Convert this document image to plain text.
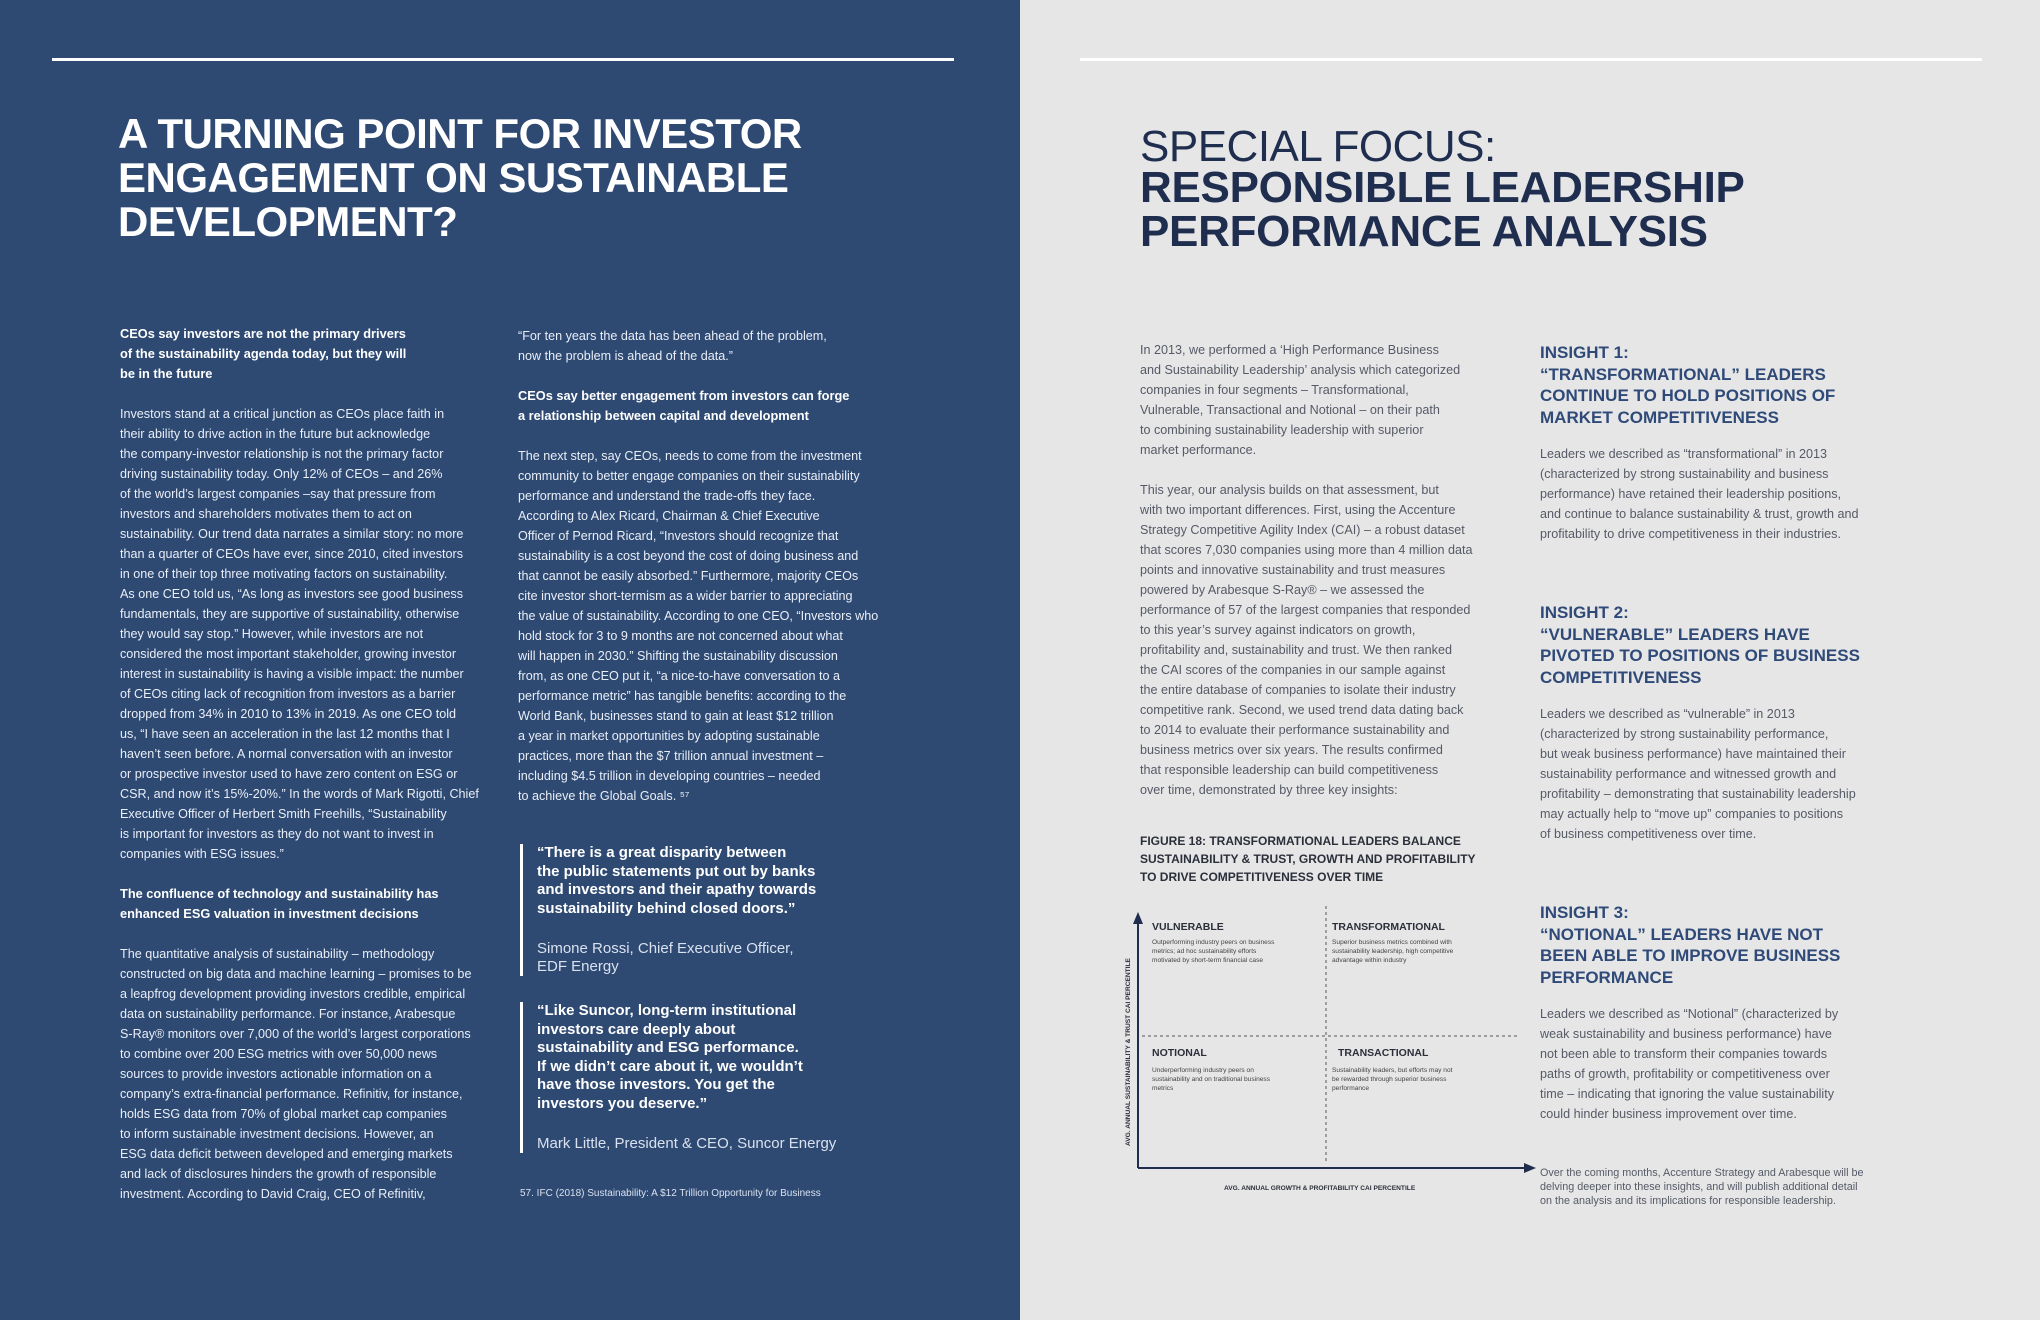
A TURNING POINT FOR INVESTOR ENGAGEMENT ON SUSTAINABLE DEVELOPMENT?
CEOs say investors are not the primary drivers
of the sustainability agenda today, but they will
be in the future

Investors stand at a critical junction as CEOs place faith in
their ability to drive action in the future but acknowledge
the company-investor relationship is not the primary factor
driving sustainability today. Only 12% of CEOs – and 26%
of the world’s largest companies –say that pressure from
investors and shareholders motivates them to act on
sustainability. Our trend data narrates a similar story: no more
than a quarter of CEOs have ever, since 2010, cited investors
in one of their top three motivating factors on sustainability.
As one CEO told us, “As long as investors see good business
fundamentals, they are supportive of sustainability, otherwise
they would say stop.” However, while investors are not
considered the most important stakeholder, growing investor
interest in sustainability is having a visible impact: the number
of CEOs citing lack of recognition from investors as a barrier
dropped from 34% in 2010 to 13% in 2019. As one CEO told
us, “I have seen an acceleration in the last 12 months that I
haven’t seen before. A normal conversation with an investor
or prospective investor used to have zero content on ESG or
CSR, and now it’s 15%-20%.” In the words of Mark Rigotti, Chief
Executive Officer of Herbert Smith Freehills, “Sustainability
is important for investors as they do not want to invest in
companies with ESG issues.”

The confluence of technology and sustainability has
enhanced ESG valuation in investment decisions

The quantitative analysis of sustainability – methodology
constructed on big data and machine learning – promises to be
a leapfrog development providing investors credible, empirical
data on sustainability performance. For instance, Arabesque
S-Ray® monitors over 7,000 of the world’s largest corporations
to combine over 200 ESG metrics with over 50,000 news
sources to provide investors actionable information on a
company’s extra-financial performance. Refinitiv, for instance,
holds ESG data from 70% of global market cap companies
to inform sustainable investment decisions. However, an
ESG data deficit between developed and emerging markets
and lack of disclosures hinders the growth of responsible
investment. According to David Craig, CEO of Refinitiv,

“For ten years the data has been ahead of the problem,
now the problem is ahead of the data.”

CEOs say better engagement from investors can forge
a relationship between capital and development

The next step, say CEOs, needs to come from the investment
community to better engage companies on their sustainability
performance and understand the trade-offs they face.
According to Alex Ricard, Chairman & Chief Executive
Officer of Pernod Ricard, “Investors should recognize that
sustainability is a cost beyond the cost of doing business and
that cannot be easily absorbed.” Furthermore, majority CEOs
cite investor short-termism as a wider barrier to appreciating
the value of sustainability. According to one CEO, “Investors who
hold stock for 3 to 9 months are not concerned about what
will happen in 2030.” Shifting the sustainability discussion
from, as one CEO put it, “a nice-to-have conversation to a
performance metric” has tangible benefits: according to the
World Bank, businesses stand to gain at least $12 trillion
a year in market opportunities by adopting sustainable
practices, more than the $7 trillion annual investment –
including $4.5 trillion in developing countries – needed
to achieve the Global Goals. ⁵⁷

“There is a great disparity between
the public statements put out by banks
and investors and their apathy towards
sustainability behind closed doors.”
Simone Rossi, Chief Executive Officer,
EDF Energy
“Like Suncor, long-term institutional
investors care deeply about
sustainability and ESG performance.
If we didn’t care about it, we wouldn’t
have those investors. You get the
investors you deserve.”
Mark Little, President & CEO, Suncor Energy
57. IFC (2018) Sustainability: A $12 Trillion Opportunity for Business
SPECIAL FOCUS:
RESPONSIBLE LEADERSHIP PERFORMANCE ANALYSIS

In 2013, we performed a ‘High Performance Business
and Sustainability Leadership’ analysis which categorized
companies in four segments – Transformational,
Vulnerable, Transactional and Notional – on their path
to combining sustainability leadership with superior
market performance.

This year, our analysis builds on that assessment, but
with two important differences. First, using the Accenture
Strategy Competitive Agility Index (CAI) – a robust dataset
that scores 7,030 companies using more than 4 million data
points and innovative sustainability and trust measures
powered by Arabesque S-Ray® – we assessed the
performance of 57 of the largest companies that responded
to this year’s survey against indicators on growth,
profitability and, sustainability and trust. We then ranked
the CAI scores of the companies in our sample against
the entire database of companies to isolate their industry
competitive rank. Second, we used trend data dating back
to 2014 to evaluate their performance sustainability and
business metrics over six years. The results confirmed
that responsible leadership can build competitiveness
over time, demonstrated by three key insights:

FIGURE 18: TRANSFORMATIONAL LEADERS BALANCE
SUSTAINABILITY & TRUST, GROWTH AND PROFITABILITY
TO DRIVE COMPETITIVENESS OVER TIME
VULNERABLE
Outperforming industry peers on business metrics; ad hoc sustainability efforts motivated by short-term financial case
TRANSFORMATIONAL
Superior business metrics combined with sustainability leadership, high competitive advantage within industry
NOTIONAL
Underperforming industry peers on sustainability and on traditional business metrics
TRANSACTIONAL
Sustainability leaders, but efforts may not be rewarded through superior business performance
AVG. ANNUAL SUSTAINABILITY & TRUST CAI PERCENTILE
AVG. ANNUAL GROWTH & PROFITABILITY CAI PERCENTILE
INSIGHT 1:
“TRANSFORMATIONAL” LEADERS
CONTINUE TO HOLD POSITIONS OF
MARKET COMPETITIVENESS
Leaders we described as “transformational” in 2013
(characterized by strong sustainability and business
performance) have retained their leadership positions,
and continue to balance sustainability & trust, growth and
profitability to drive competitiveness in their industries.
INSIGHT 2:
“VULNERABLE” LEADERS HAVE
PIVOTED TO POSITIONS OF BUSINESS
COMPETITIVENESS
Leaders we described as “vulnerable” in 2013
(characterized by strong sustainability performance,
but weak business performance) have maintained their
sustainability performance and witnessed growth and
profitability – demonstrating that sustainability leadership
may actually help to “move up” companies to positions
of business competitiveness over time.
INSIGHT 3:
“NOTIONAL” LEADERS HAVE NOT
BEEN ABLE TO IMPROVE BUSINESS
PERFORMANCE
Leaders we described as “Notional” (characterized by
weak sustainability and business performance) have
not been able to transform their companies towards
paths of growth, profitability or competitiveness over
time – indicating that ignoring the value sustainability
could hinder business improvement over time.
Over the coming months, Accenture Strategy and Arabesque will be
delving deeper into these insights, and will publish additional detail
on the analysis and its implications for responsible leadership.
